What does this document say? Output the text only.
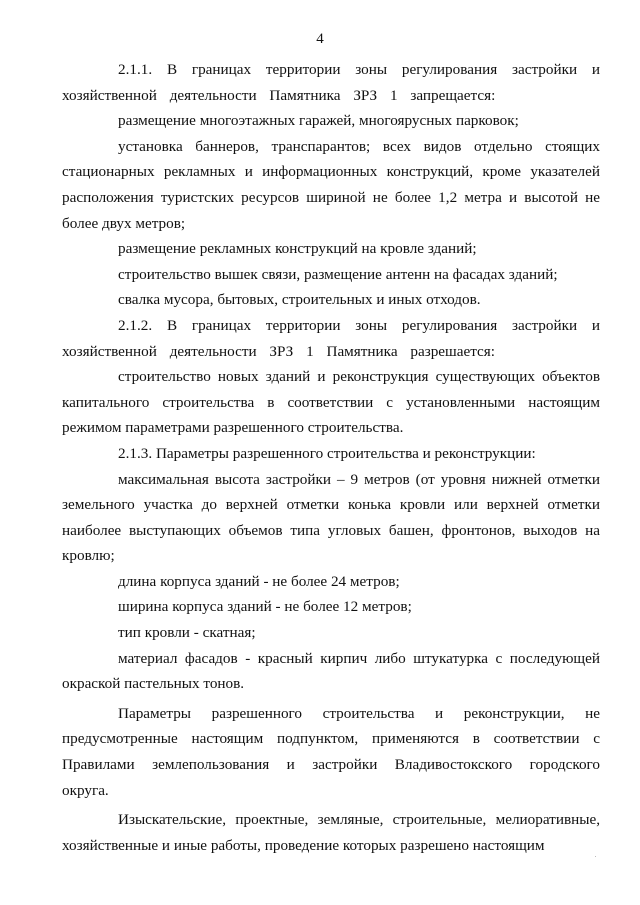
4

2.1.1. В границах территории зоны регулирования застройки и хозяйственной деятельности Памятника ЗРЗ 1 запрещается:

размещение многоэтажных гаражей, многоярусных парковок;

установка баннеров, транспарантов; всех видов отдельно стоящих стационарных рекламных и информационных конструкций, кроме указателей расположения туристских ресурсов шириной не более 1,2 метра и высотой не более двух метров;

размещение рекламных конструкций на кровле зданий;

строительство вышек связи, размещение антенн на фасадах зданий;

свалка мусора, бытовых, строительных и иных отходов.

2.1.2. В границах территории зоны регулирования застройки и хозяйственной деятельности ЗРЗ 1 Памятника разрешается:

строительство новых зданий и реконструкция существующих объектов капитального строительства в соответствии с установленными настоящим режимом параметрами разрешенного строительства.

2.1.3. Параметры разрешенного строительства и реконструкции:

максимальная высота застройки – 9 метров (от уровня нижней отметки земельного участка до верхней отметки конька кровли или верхней отметки наиболее выступающих объемов типа угловых башен, фронтонов, выходов на кровлю;

длина корпуса зданий - не более 24 метров;

ширина корпуса зданий - не более 12 метров;

тип кровли - скатная;

материал фасадов - красный кирпич либо штукатурка с последующей окраской пастельных тонов.

Параметры разрешенного строительства и реконструкции, не предусмотренные настоящим подпунктом, применяются в соответствии с Правилами землепользования и застройки Владивостокского городского округа.

Изыскательские, проектные, земляные, строительные, мелиоративные, хозяйственные и иные работы, проведение которых разрешено настоящим
